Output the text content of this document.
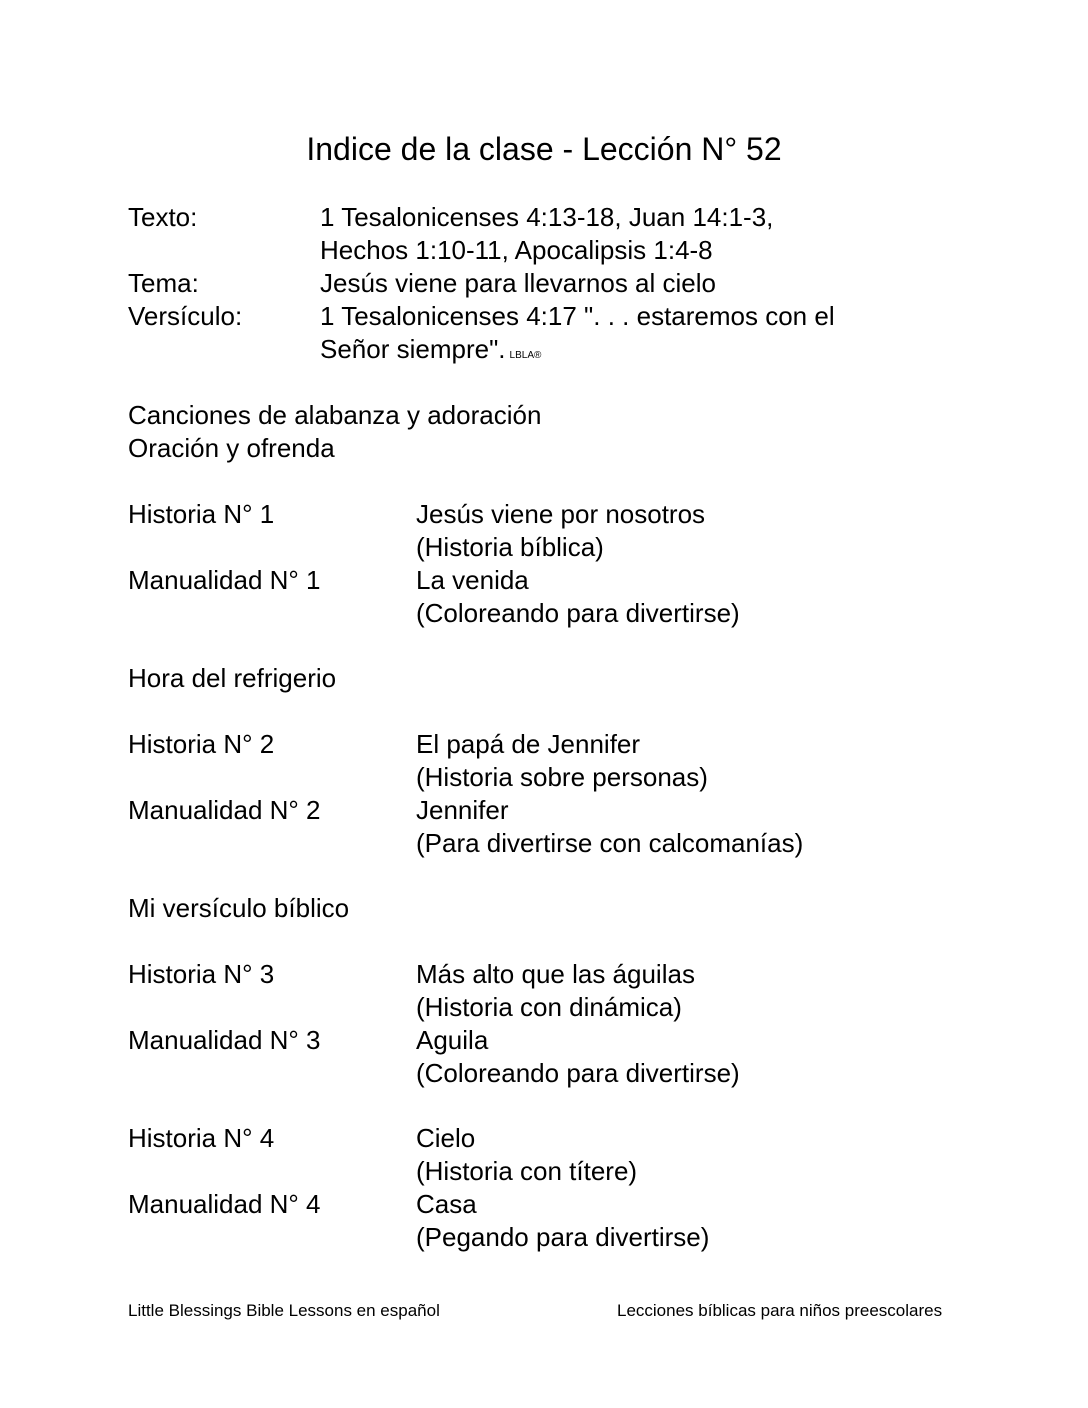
Indice de la clase - Lección N° 52
Texto:	1 Tesalonicenses 4:13-18, Juan 14:1-3,
Hechos 1:10-11, Apocalipsis 1:4-8
Tema:	Jesús viene para llevarnos al cielo
Versículo:	1 Tesalonicenses 4:17 ". . . estaremos con el
Señor siempre". LBLA®
Canciones de alabanza y adoración
Oración y ofrenda
Historia N° 1	Jesús viene por nosotros
(Historia bíblica)
Manualidad N° 1	La venida
(Coloreando para divertirse)
Hora del refrigerio
Historia N° 2	El papá de Jennifer
(Historia sobre personas)
Manualidad N° 2	Jennifer
(Para divertirse con calcomanías)
Mi versículo bíblico
Historia N° 3	Más alto que las águilas
(Historia con dinámica)
Manualidad N° 3	Aguila
(Coloreando para divertirse)
Historia N° 4	Cielo
(Historia con títere)
Manualidad N° 4	Casa
(Pegando para divertirse)
Little Blessings Bible Lessons en español	Lecciones bíblicas para niños preescolares
